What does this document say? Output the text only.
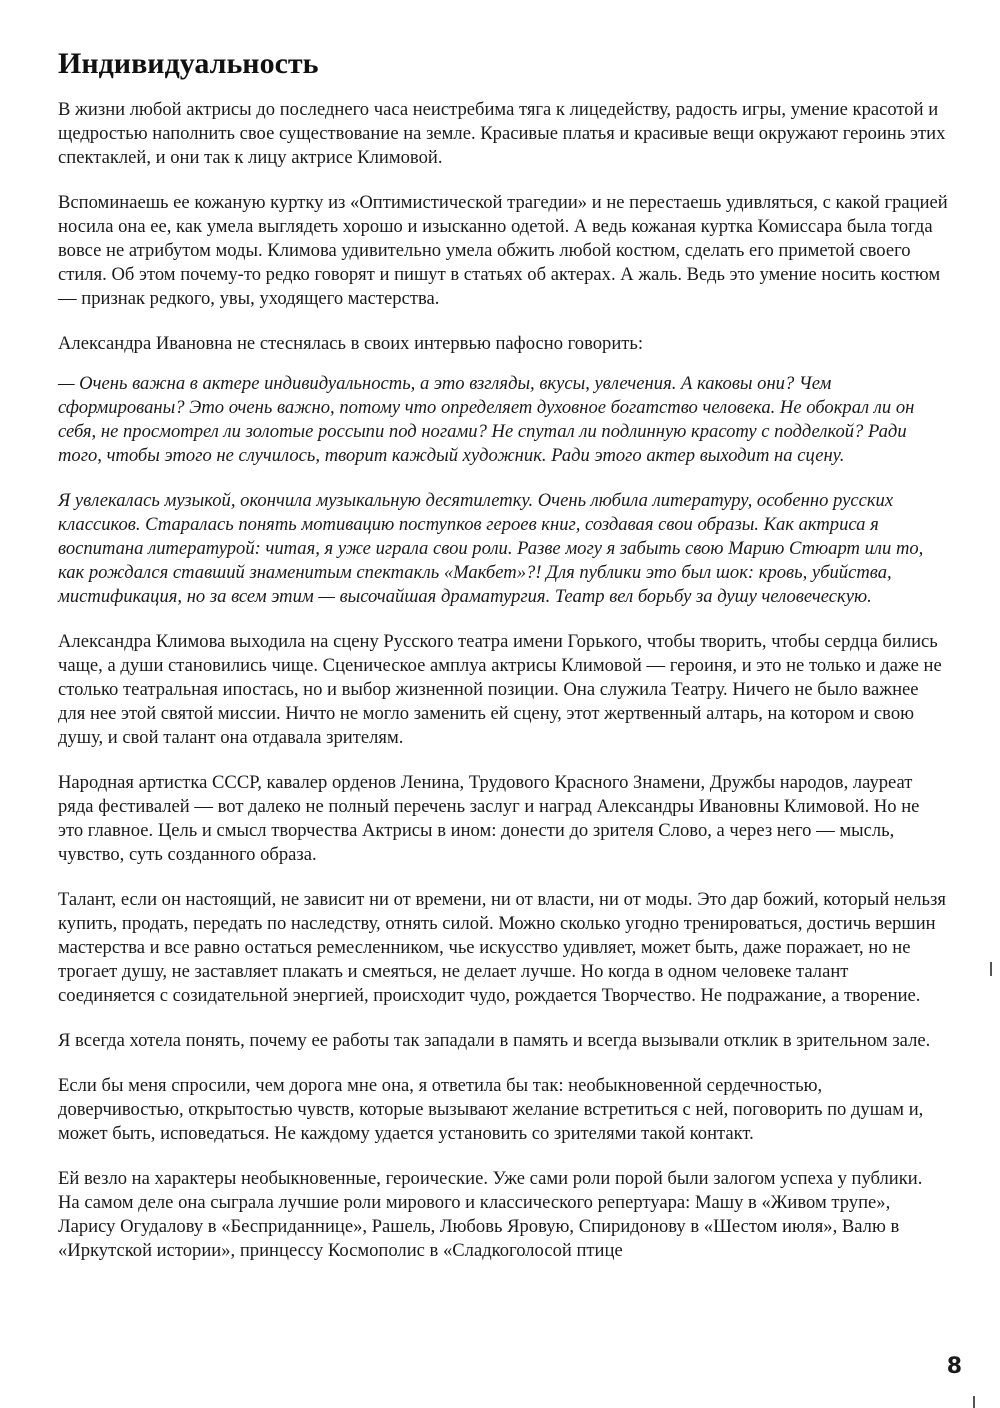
Индивидуальность

В жизни любой актрисы до последнего часа неистребима тяга к лицедейству, радость игры, умение красотой и щедростью наполнить свое существование на земле. Красивые платья и красивые вещи окружают героинь этих спектаклей, и они так к лицу актрисе Климовой.

Вспоминаешь ее кожаную куртку из «Оптимистической трагедии» и не перестаешь удивляться, с какой грацией носила она ее, как умела выглядеть хорошо и изысканно одетой. А ведь кожаная куртка Комиссара была тогда вовсе не атрибутом моды. Климова удивительно умела обжить любой костюм, сделать его приметой своего стиля. Об этом почему-то редко говорят и пишут в статьях об актерах. А жаль. Ведь это умение носить костюм — признак редкого, увы, уходящего мастерства.

Александра Ивановна не стеснялась в своих интервью пафосно говорить:

— Очень важна в актере индивидуальность, а это взгляды, вкусы, увлечения. А каковы они? Чем сформированы? Это очень важно, потому что определяет духовное богатство человека. Не обокрал ли он себя, не просмотрел ли золотые россыпи под ногами? Не спутал ли подлинную красоту с подделкой? Ради того, чтобы этого не случилось, творит каждый художник. Ради этого актер выходит на сцену.

Я увлекалась музыкой, окончила музыкальную десятилетку. Очень любила литературу, особенно русских классиков. Старалась понять мотивацию поступков героев книг, создавая свои образы. Как актриса я воспитана литературой: читая, я уже играла свои роли. Разве могу я забыть свою Марию Стюарт или то, как рождался ставший знаменитым спектакль «Макбет»?! Для публики это был шок: кровь, убийства, мистификация, но за всем этим — высочайшая драматургия. Театр вел борьбу за душу человеческую.

Александра Климова выходила на сцену Русского театра имени Горького, чтобы творить, чтобы сердца бились чаще, а души становились чище. Сценическое амплуа актрисы Климовой — героиня, и это не только и даже не столько театральная ипостась, но и выбор жизненной позиции. Она служила Театру. Ничего не было важнее для нее этой святой миссии. Ничто не могло заменить ей сцену, этот жертвенный алтарь, на котором и свою душу, и свой талант она отдавала зрителям.

Народная артистка СССР, кавалер орденов Ленина, Трудового Красного Знамени, Дружбы народов, лауреат ряда фестивалей — вот далеко не полный перечень заслуг и наград Александры Ивановны Климовой. Но не это главное. Цель и смысл творчества Актрисы в ином: донести до зрителя Слово, а через него — мысль, чувство, суть созданного образа.

Талант, если он настоящий, не зависит ни от времени, ни от власти, ни от моды. Это дар божий, который нельзя купить, продать, передать по наследству, отнять силой. Можно сколько угодно тренироваться, достичь вершин мастерства и все равно остаться ремесленником, чье искусство удивляет, может быть, даже поражает, но не трогает душу, не заставляет плакать и смеяться, не делает лучше. Но когда в одном человеке талант соединяется с созидательной энергией, происходит чудо, рождается Творчество. Не подражание, а творение.

Я всегда хотела понять, почему ее работы так западали в память и всегда вызывали отклик в зрительном зале.

Если бы меня спросили, чем дорога мне она, я ответила бы так: необыкновенной сердечностью, доверчивостью, открытостью чувств, которые вызывают желание встретиться с ней, поговорить по душам и, может быть, исповедаться. Не каждому удается установить со зрителями такой контакт.

Ей везло на характеры необыкновенные, героические. Уже сами роли порой были залогом успеха у публики. На самом деле она сыграла лучшие роли мирового и классического репертуара: Машу в «Живом трупе», Ларису Огудалову в «Бесприданнице», Рашель, Любовь Яровую, Спиридонову в «Шестом июля», Валю в «Иркутской истории», принцессу Космополис в «Сладкоголосой птице

8
